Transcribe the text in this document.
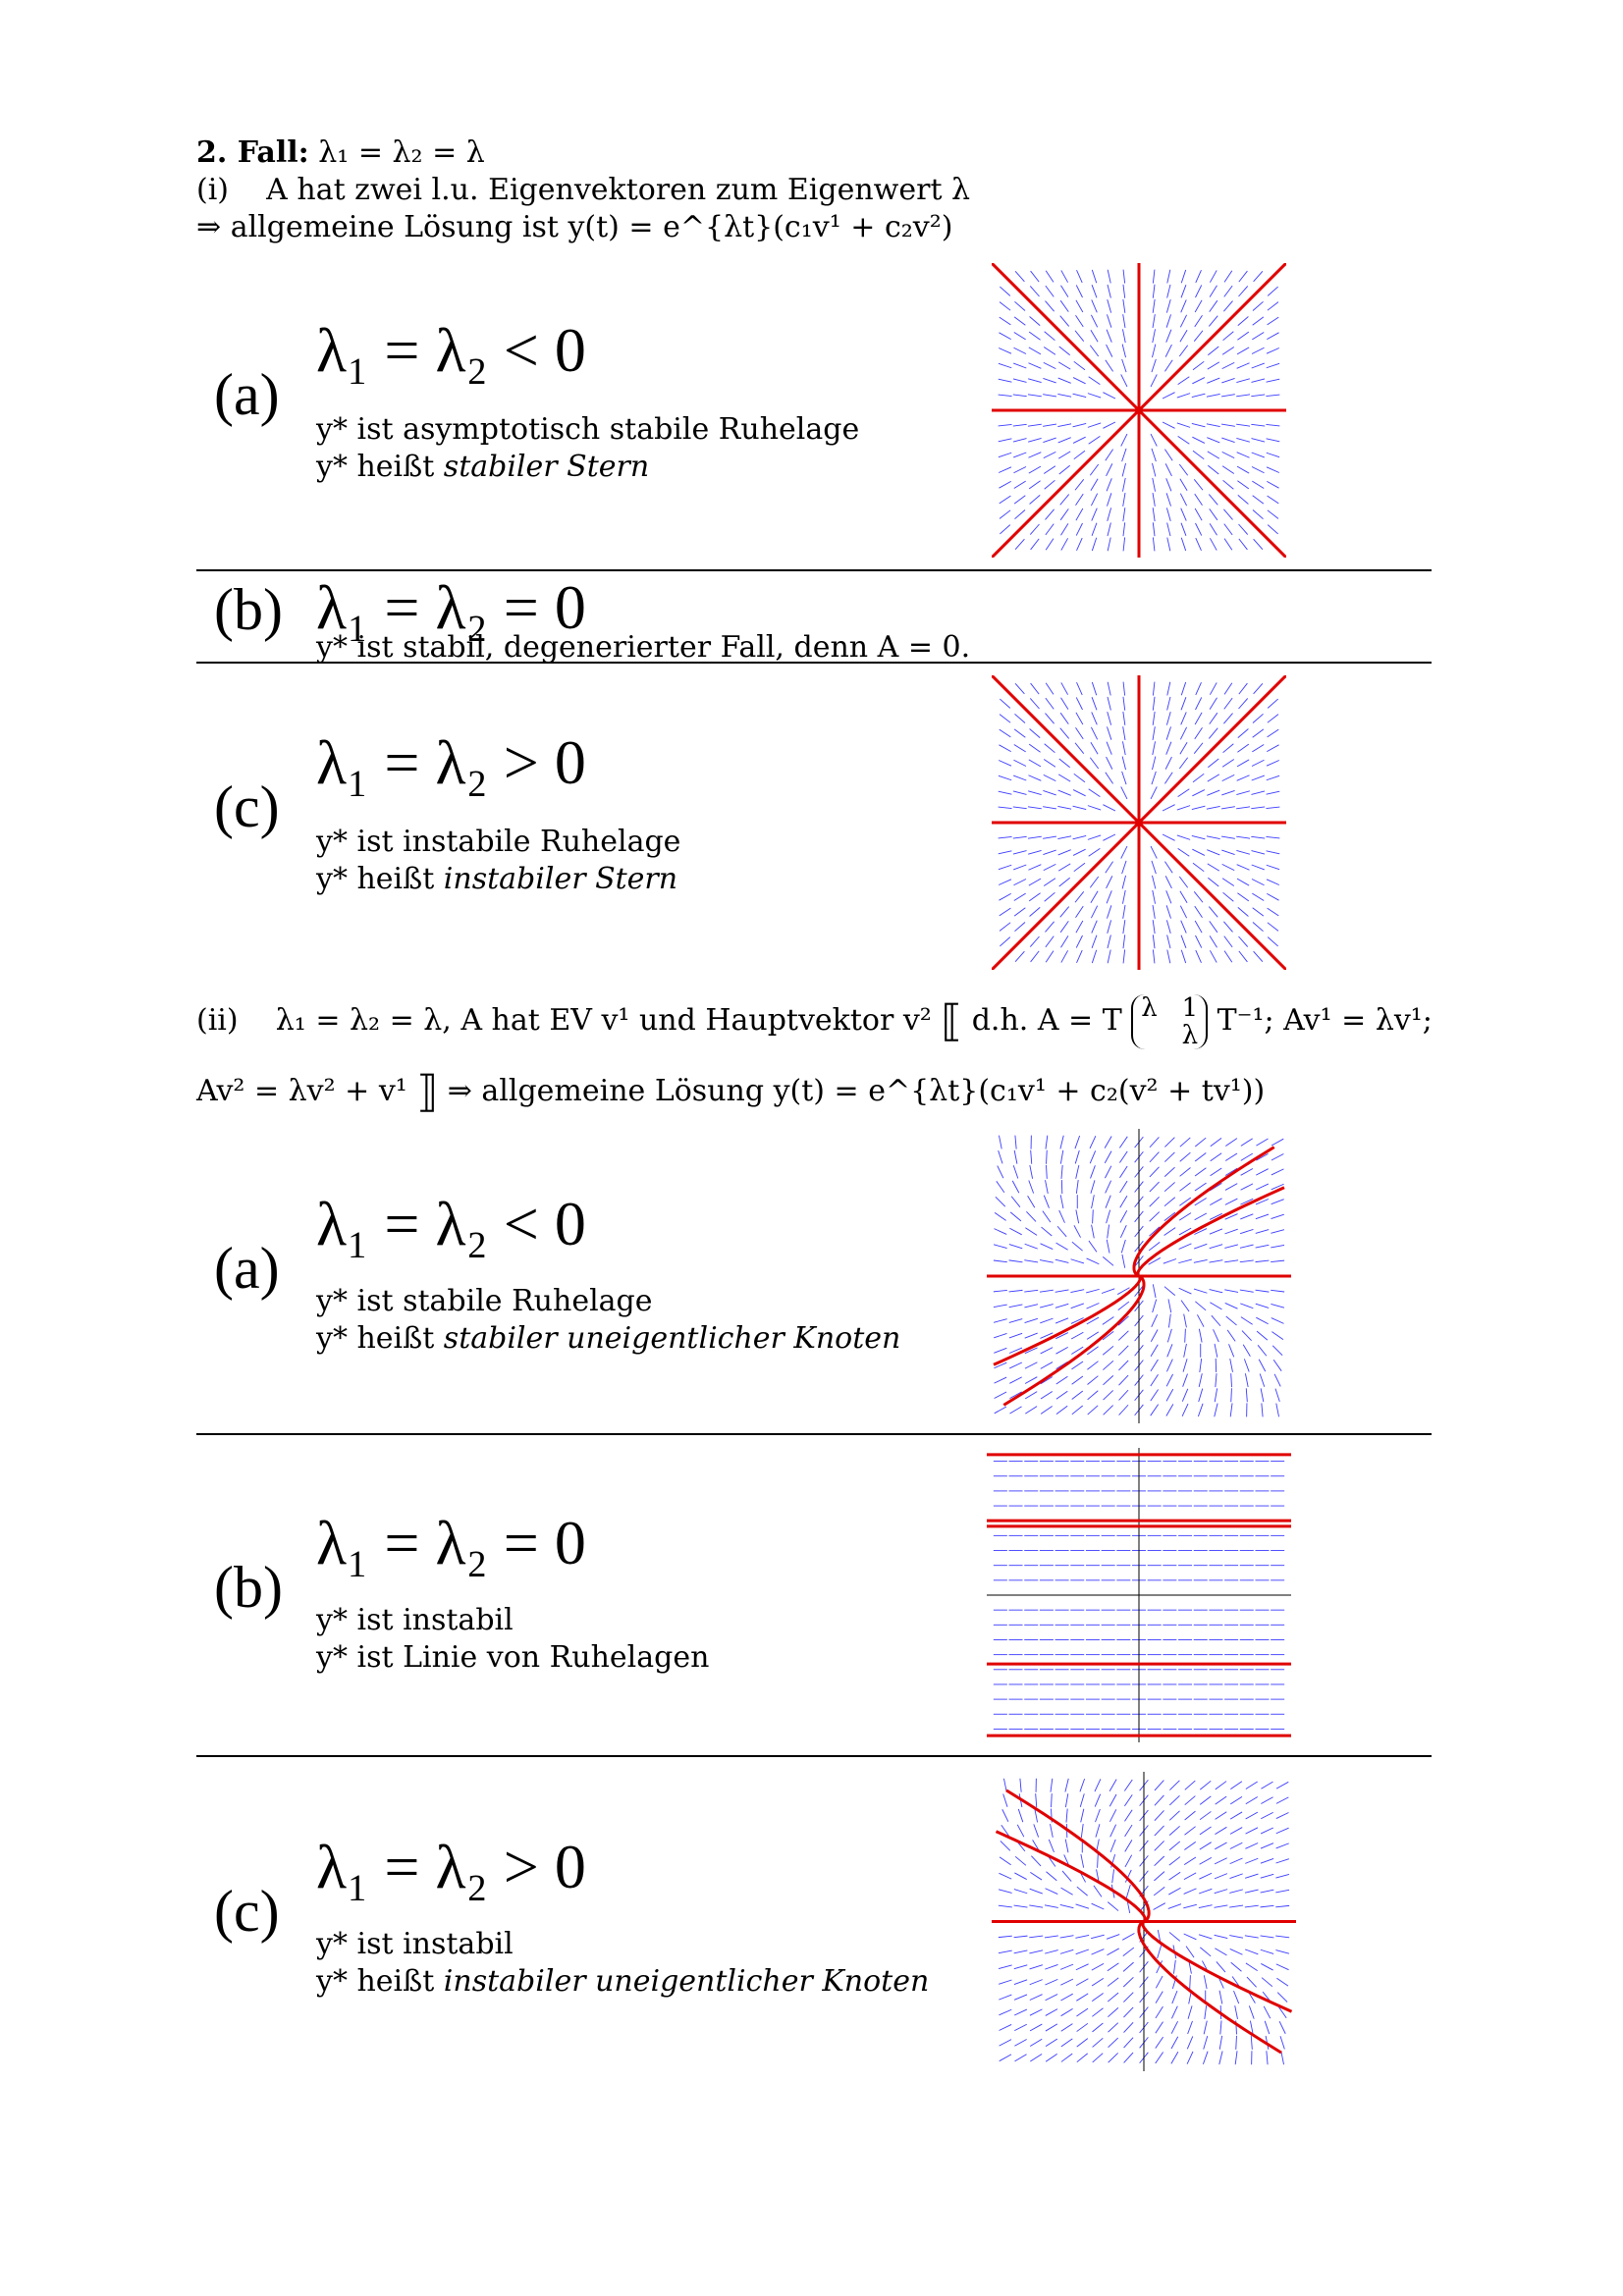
2. Fall: λ₁ = λ₂ = λ
(i) A hat zwei l.u. Eigenvektoren zum Eigenwert λ
⇒ allgemeine Lösung ist y(t) = e^{λt}(c₁v¹ + c₂v²)
(a)
λ₁ = λ₂ < 0
y* ist asymptotisch stabile Ruhelage
y* heißt stabiler Stern
(b) λ₁ = λ₂ = 0
y* ist stabil, degenerierter Fall, denn A = 0.
(c)
λ₁ = λ₂ > 0
y* ist instabile Ruhelage
y* heißt instabiler Stern
(ii) λ₁ = λ₂ = λ, A hat EV v¹ und Hauptvektor v² ⟦ d.h. A = T λ   1
λ T⁻¹; Av¹ = λv¹;
Av² = λv² + v¹ ⟧ ⇒ allgemeine Lösung y(t) = e^{λt}(c₁v¹ + c₂(v² + tv¹))
(a)
λ₁ = λ₂ < 0
y* ist stabile Ruhelage
y* heißt stabiler uneigentlicher Knoten
(b)
λ₁ = λ₂ = 0
y* ist instabil
y* ist Linie von Ruhelagen
(c)
λ₁ = λ₂ > 0
y* ist instabil
y* heißt instabiler uneigentlicher Knoten
